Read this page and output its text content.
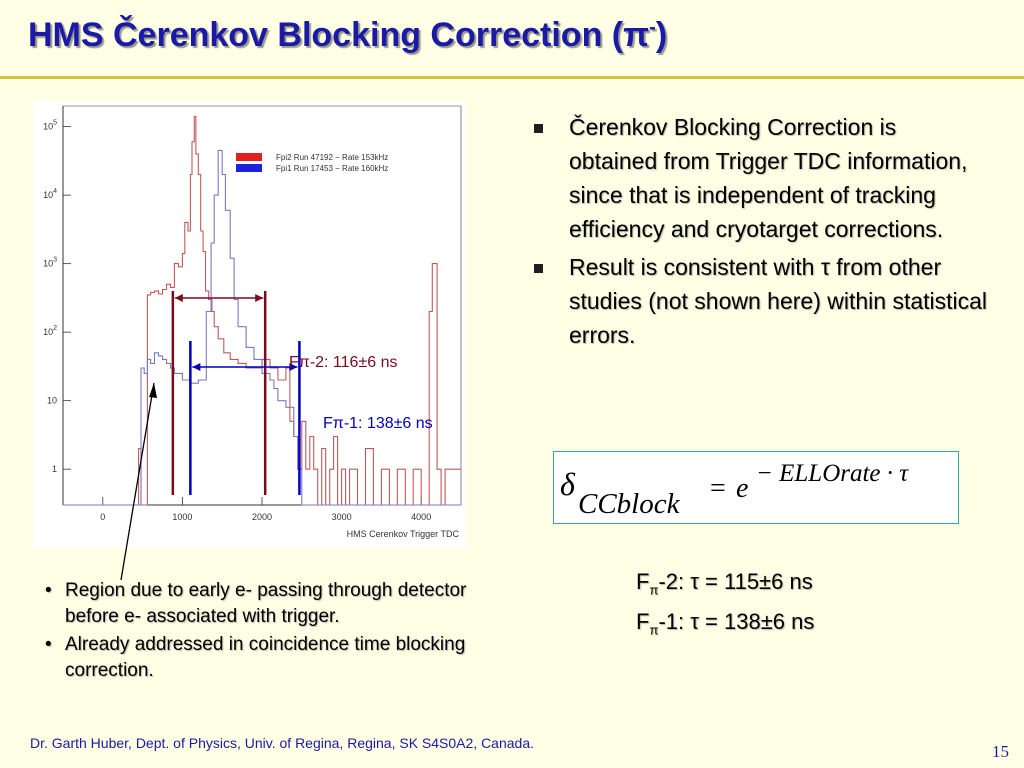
HMS Čerenkov Blocking Correction (π-)
0	1000	2000	3000	4000
1
10
$10^2$
$10^3$
$10^4$
$10^5$
HMS Cerenkov Trigger TDC
Fpi2 Run 47192 − Rate 153kHz
Fpi1 Run 17453 − Rate 160kHz
Fπ-2: 116±6 ns
Fπ-1: 138±6 ns
Čerenkov Blocking Correction is obtained from Trigger TDC information, since that is independent of tracking efficiency and cryotarget corrections.
Result is consistent with τ from other studies (not shown here) within statistical errors.
δ
CCblock = e − ELLOrate · τ
$F_\pi-2$: τ = 115±6 ns
$F_\pi-1$: τ = 138±6 ns
• Region due to early e- passing through detector before e- associated with trigger.
• Already addressed in coincidence time blocking correction.
Dr. Garth Huber, Dept. of Physics, Univ. of Regina, Regina, SK S4S0A2, Canada.	15
